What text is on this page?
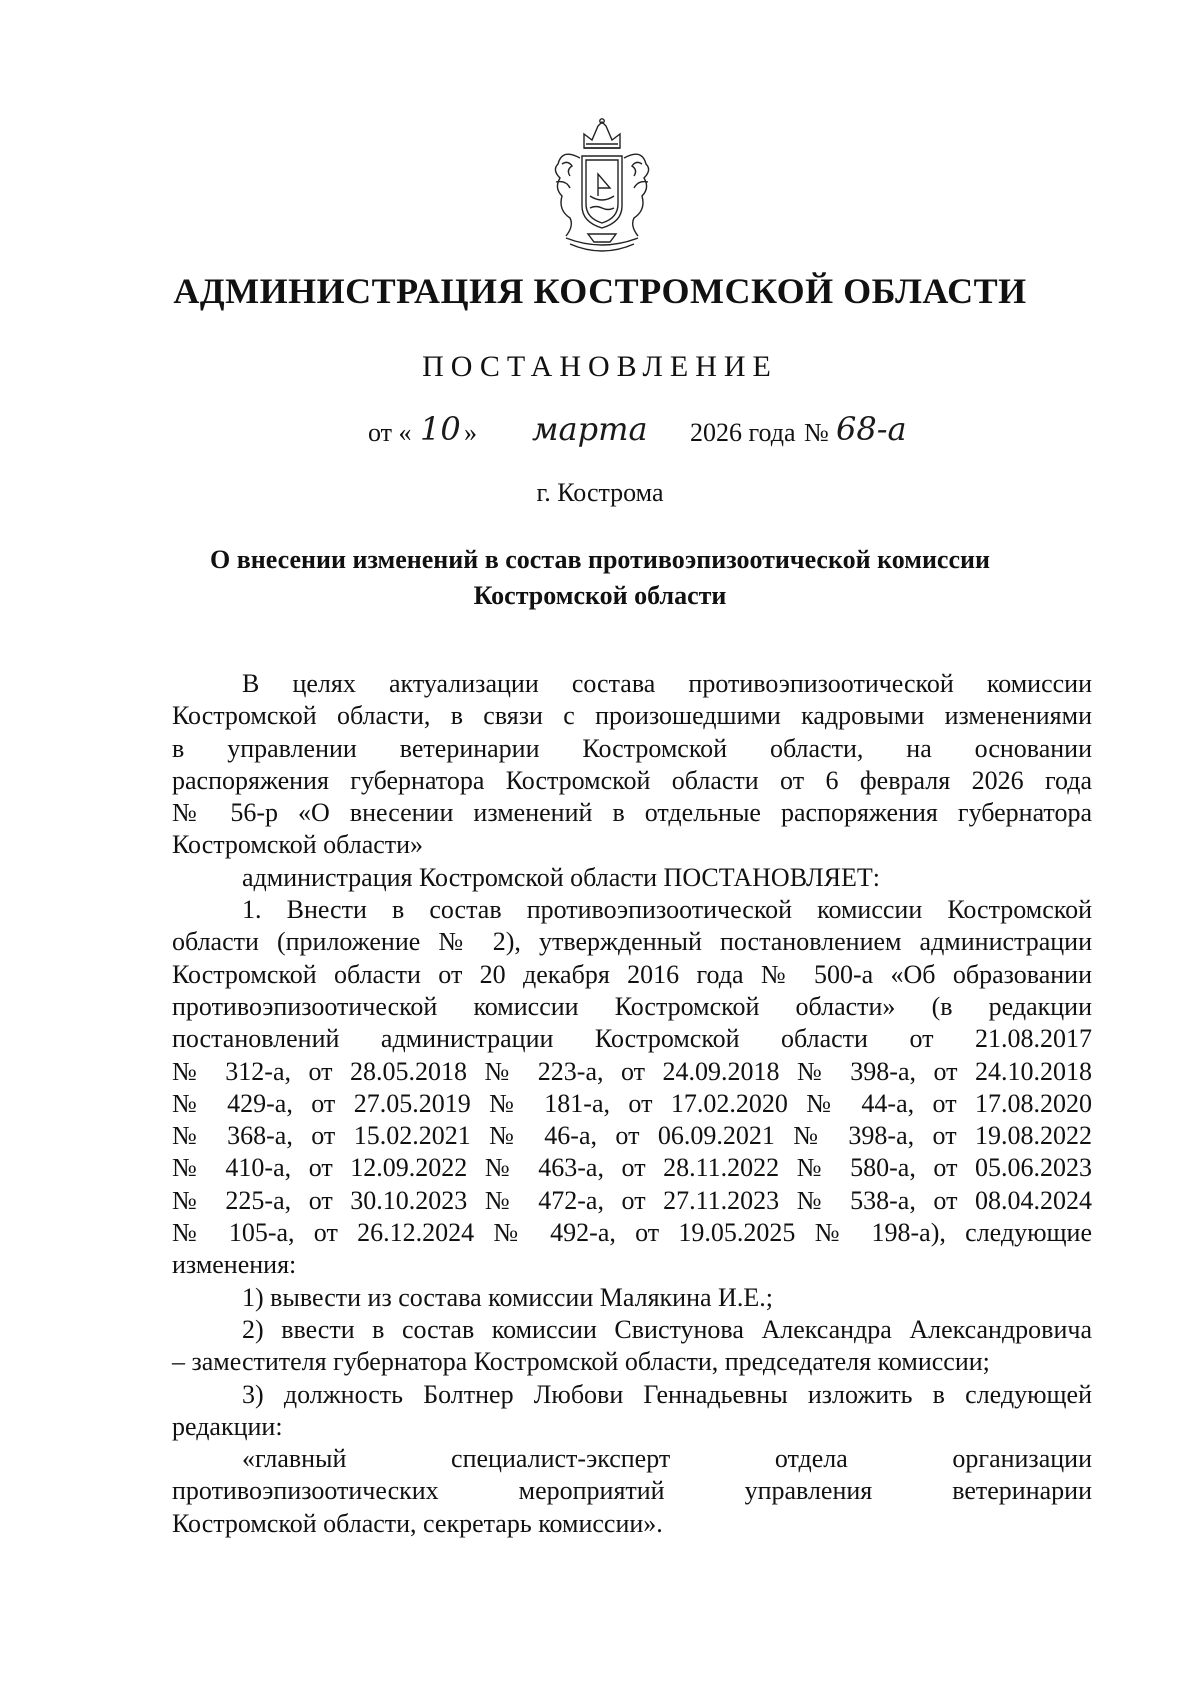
АДМИНИСТРАЦИЯ КОСТРОМСКОЙ ОБЛАСТИ
ПОСТАНОВЛЕНИЕ
от « 10 » марта 2026 года № 68-а
г. Кострома
О внесении изменений в состав противоэпизоотической комиссии
Костромской области
В целях актуализации состава противоэпизоотической комиссии
Костромской области, в связи с произошедшими кадровыми изменениями
в управлении ветеринарии Костромской области, на основании
распоряжения губернатора Костромской области от 6 февраля 2026 года
№ 56-р «О внесении изменений в отдельные распоряжения губернатора
Костромской области»
администрация Костромской области ПОСТАНОВЛЯЕТ:
1. Внести в состав противоэпизоотической комиссии Костромской
области (приложение № 2), утвержденный постановлением администрации
Костромской области от 20 декабря 2016 года № 500-а «Об образовании
противоэпизоотической комиссии Костромской области» (в редакции
постановлений администрации Костромской области от 21.08.2017
№ 312-а, от 28.05.2018 № 223-а, от 24.09.2018 № 398-а, от 24.10.2018
№ 429-а, от 27.05.2019 № 181-а, от 17.02.2020 № 44-а, от 17.08.2020
№ 368-а, от 15.02.2021 № 46-а, от 06.09.2021 № 398-а, от 19.08.2022
№ 410-а, от 12.09.2022 № 463-а, от 28.11.2022 № 580-а, от 05.06.2023
№ 225-а, от 30.10.2023 № 472-а, от 27.11.2023 № 538-а, от 08.04.2024
№ 105-а, от 26.12.2024 № 492-а, от 19.05.2025 № 198-а), следующие
изменения:
1) вывести из состава комиссии Малякина И.Е.;
2) ввести в состав комиссии Свистунова Александра Александровича
– заместителя губернатора Костромской области, председателя комиссии;
3) должность Болтнер Любови Геннадьевны изложить в следующей
редакции:
«главный специалист-эксперт отдела организации
противоэпизоотических мероприятий управления ветеринарии
Костромской области, секретарь комиссии».
